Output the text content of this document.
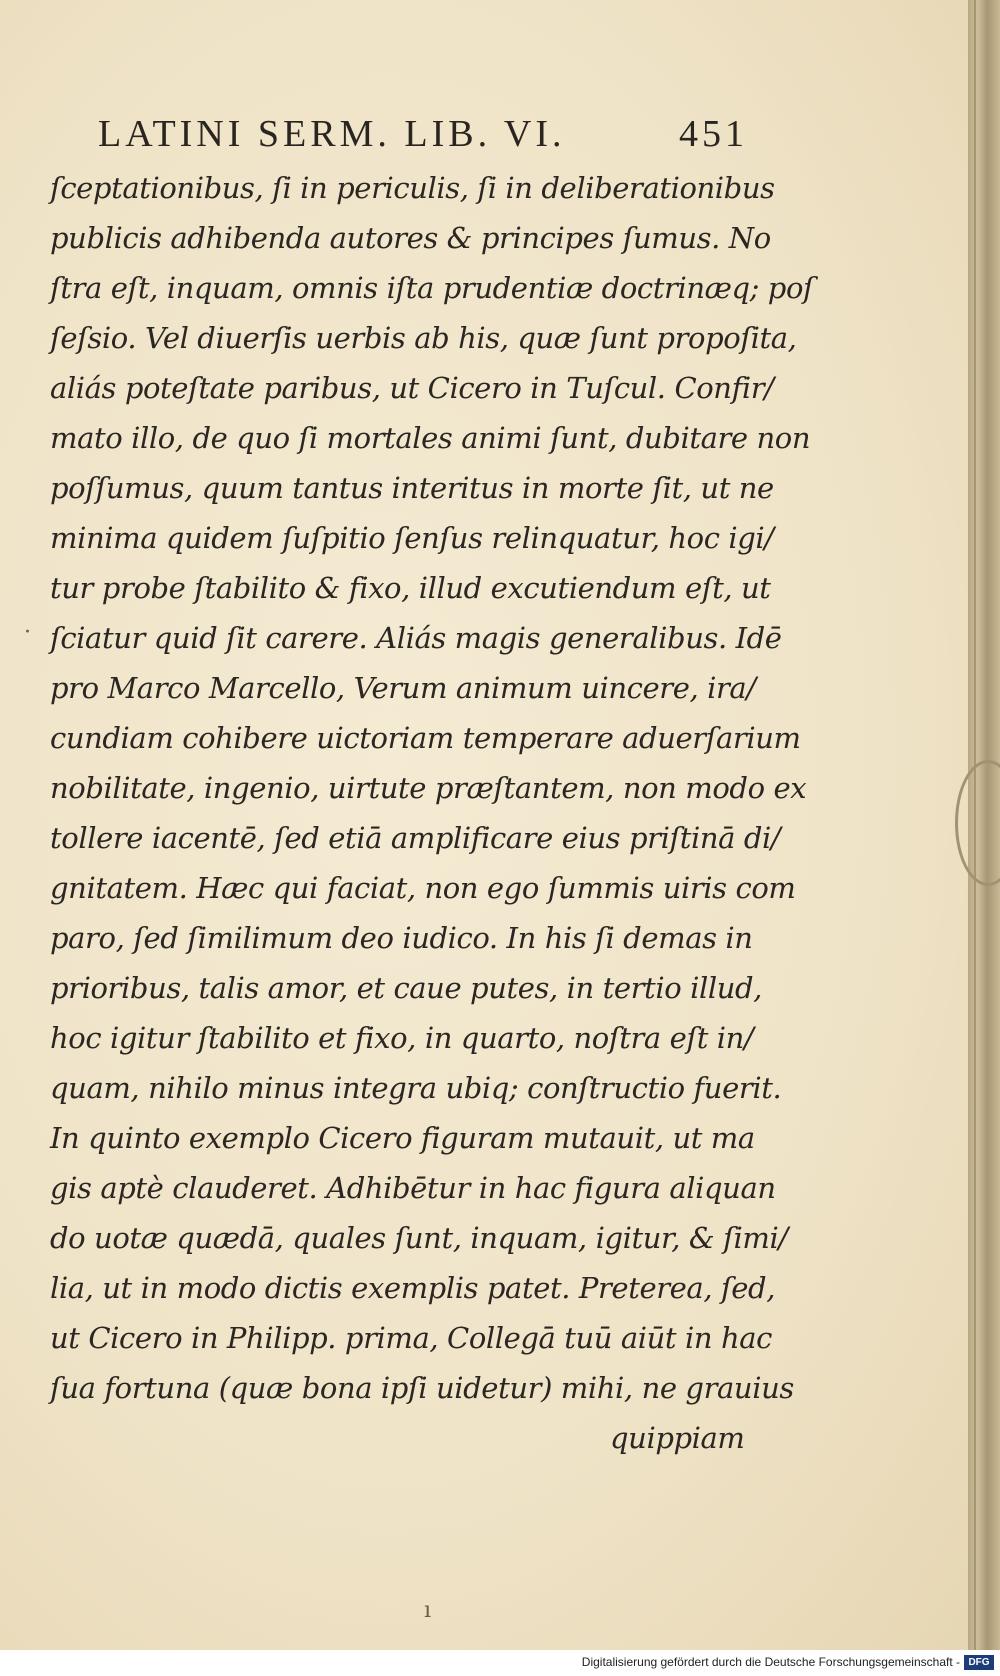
LATINI SERM. LIB. VI.	451
ſceptationibus, ſi in periculis, ſi in deliberationibus
publicis adhibenda autores & principes ſumus. No
ſtra eſt, inquam, omnis iſta prudentiæ doctrinæq; poſ
ſeſsio. Vel diuerſis uerbis ab his, quæ ſunt propoſita,
aliás poteſtate paribus, ut Cicero in Tuſcul. Confir/
mato illo, de quo ſi mortales animi ſunt, dubitare non
poſſumus, quum tantus interitus in morte ſit, ut ne
minima quidem ſuſpitio ſenſus relinquatur, hoc igi/
tur probe ſtabilito & fixo, illud excutiendum eſt, ut
ſciatur quid ſit carere. Aliás magis generalibus. Idē
pro Marco Marcello, Verum animum uincere, ira/
cundiam cohibere uictoriam temperare aduerſarium
nobilitate, ingenio, uirtute præſtantem, non modo ex
tollere iacentē, ſed etiā amplificare eius priſtinā di/
gnitatem. Hæc qui faciat, non ego ſummis uiris com
paro, ſed ſimilimum deo iudico. In his ſi demas in
prioribus, talis amor, et caue putes, in tertio illud,
hoc igitur ſtabilito et fixo, in quarto, noſtra eſt in/
quam, nihilo minus integra ubiq; conſtructio fuerit.
In quinto exemplo Cicero figuram mutauit, ut ma
gis aptè clauderet. Adhibētur in hac figura aliquan
do uotæ quædā, quales ſunt, inquam, igitur, & ſimi/
lia, ut in modo dictis exemplis patet. Preterea, ſed,
ut Cicero in Philipp. prima, Collegā tuū aiūt in hac
ſua fortuna (quæ bona ipſi uidetur) mihi, ne grauius
quippiam
·
ı
Digitalisierung gefördert durch die Deutsche Forschungsgemeinschaft - DFG
